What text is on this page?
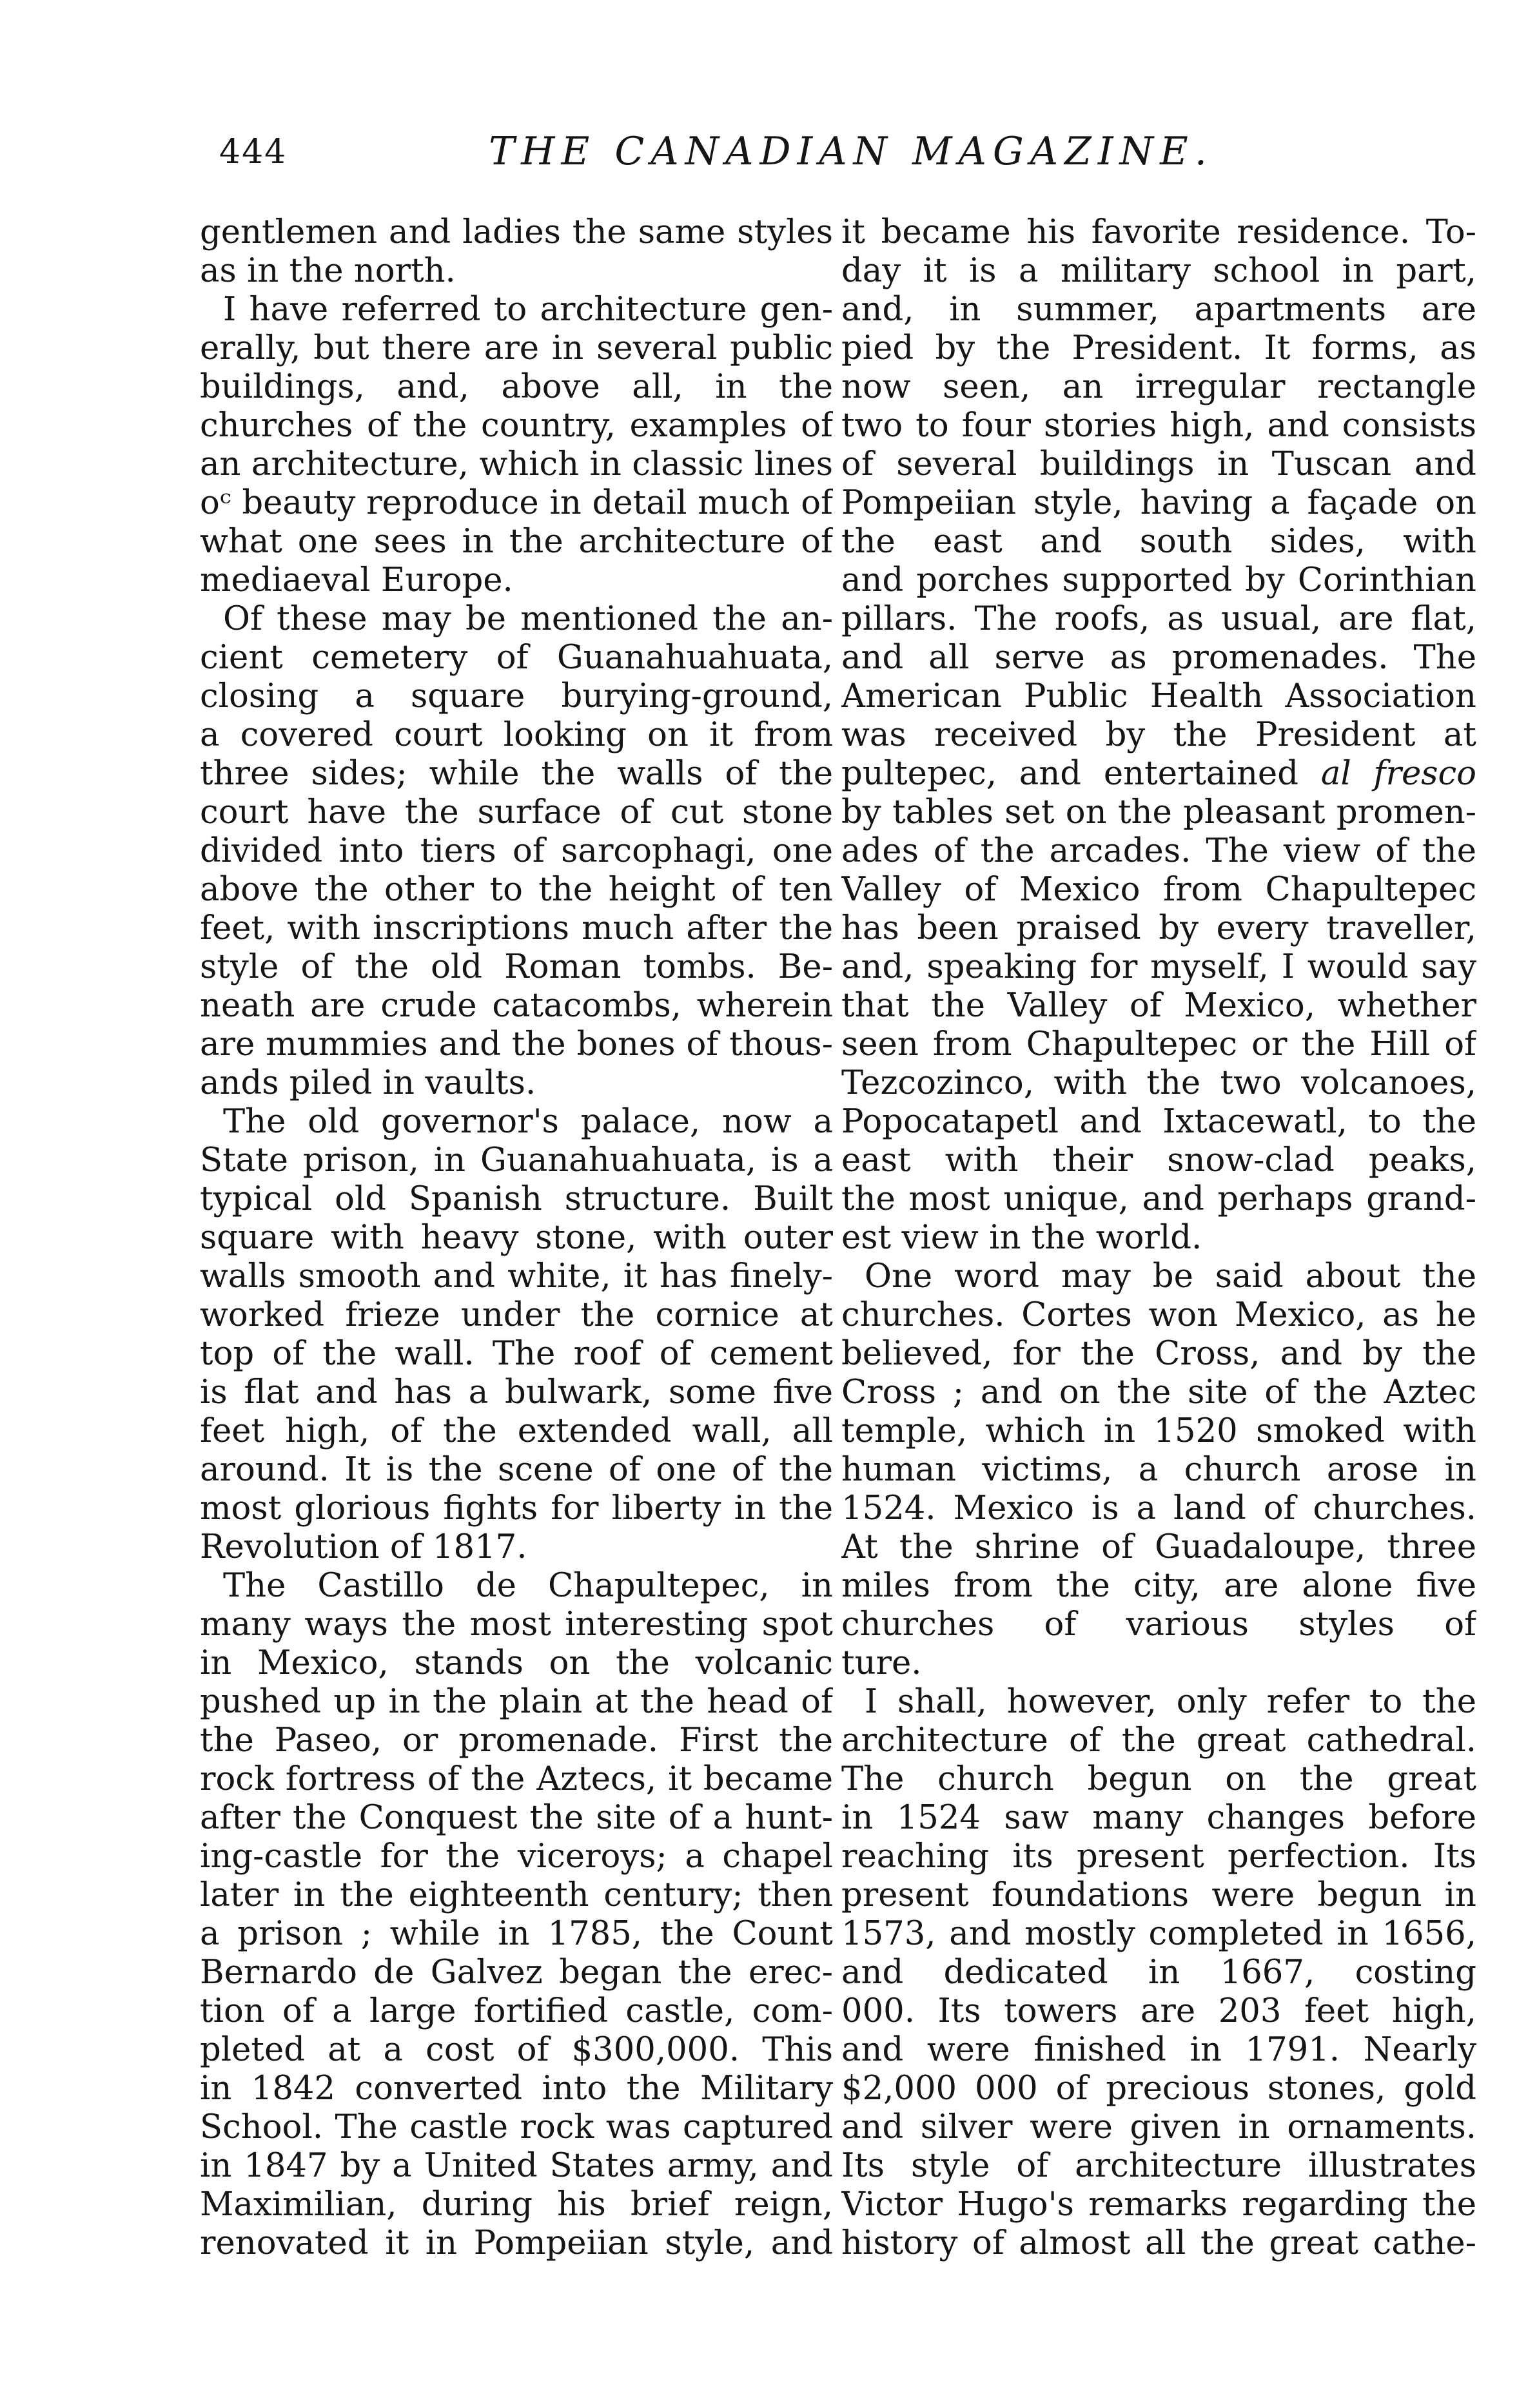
444	THE CANADIAN MAGAZINE.
gentlemen and ladies the same styles
as in the north.
I have referred to architecture gen-
erally, but there are in several public
buildings, and, above all, in the
churches of the country, examples of
an architecture, which in classic lines
oᶜ beauty reproduce in detail much of
what one sees in the architecture of
mediaeval Europe.
Of these may be mentioned the an-
cient cemetery of Guanahuahuata,
closing a square burying-ground,
a covered court looking on it from
three sides; while the walls of the
court have the surface of cut stone
divided into tiers of sarcophagi, one
above the other to the height of ten
feet, with inscriptions much after the
style of the old Roman tombs. Be-
neath are crude catacombs, wherein
are mummies and the bones of thous-
ands piled in vaults.
The old governor's palace, now a
State prison, in Guanahuahuata, is a
typical old Spanish structure. Built
square with heavy stone, with outer
walls smooth and white, it has finely-
worked frieze under the cornice at
top of the wall. The roof of cement
is flat and has a bulwark, some five
feet high, of the extended wall, all
around. It is the scene of one of the
most glorious fights for liberty in the
Revolution of 1817.
The Castillo de Chapultepec, in
many ways the most interesting spot
in Mexico, stands on the volcanic
pushed up in the plain at the head of
the Paseo, or promenade. First the
rock fortress of the Aztecs, it became
after the Conquest the site of a hunt-
ing-castle for the viceroys; a chapel
later in the eighteenth century; then
a prison ; while in 1785, the Count
Bernardo de Galvez began the erec-
tion of a large fortified castle, com-
pleted at a cost of $300,000. This
in 1842 converted into the Military
School. The castle rock was captured
in 1847 by a United States army, and
Maximilian, during his brief reign,
renovated it in Pompeiian style, and
it became his favorite residence. To-
day it is a military school in part,
and, in summer, apartments are
pied by the President. It forms, as
now seen, an irregular rectangle
two to four stories high, and consists
of several buildings in Tuscan and
Pompeiian style, having a façade on
the east and south sides, with
and porches supported by Corinthian
pillars. The roofs, as usual, are flat,
and all serve as promenades. The
American Public Health Association
was received by the President at
pultepec, and entertained al fresco
by tables set on the pleasant promen-
ades of the arcades. The view of the
Valley of Mexico from Chapultepec
has been praised by every traveller,
and, speaking for myself, I would say
that the Valley of Mexico, whether
seen from Chapultepec or the Hill of
Tezcozinco, with the two volcanoes,
Popocatapetl and Ixtacewatl, to the
east with their snow-clad peaks,
the most unique, and perhaps grand-
est view in the world.
One word may be said about the
churches. Cortes won Mexico, as he
believed, for the Cross, and by the
Cross ; and on the site of the Aztec
temple, which in 1520 smoked with
human victims, a church arose in
1524. Mexico is a land of churches.
At the shrine of Guadaloupe, three
miles from the city, are alone five
churches of various styles of
ture.
I shall, however, only refer to the
architecture of the great cathedral.
The church begun on the great
in 1524 saw many changes before
reaching its present perfection. Its
present foundations were begun in
1573, and mostly completed in 1656,
and dedicated in 1667, costing
000. Its towers are 203 feet high,
and were finished in 1791. Nearly
$2,000 000 of precious stones, gold
and silver were given in ornaments.
Its style of architecture illustrates
Victor Hugo's remarks regarding the
history of almost all the great cathe-
